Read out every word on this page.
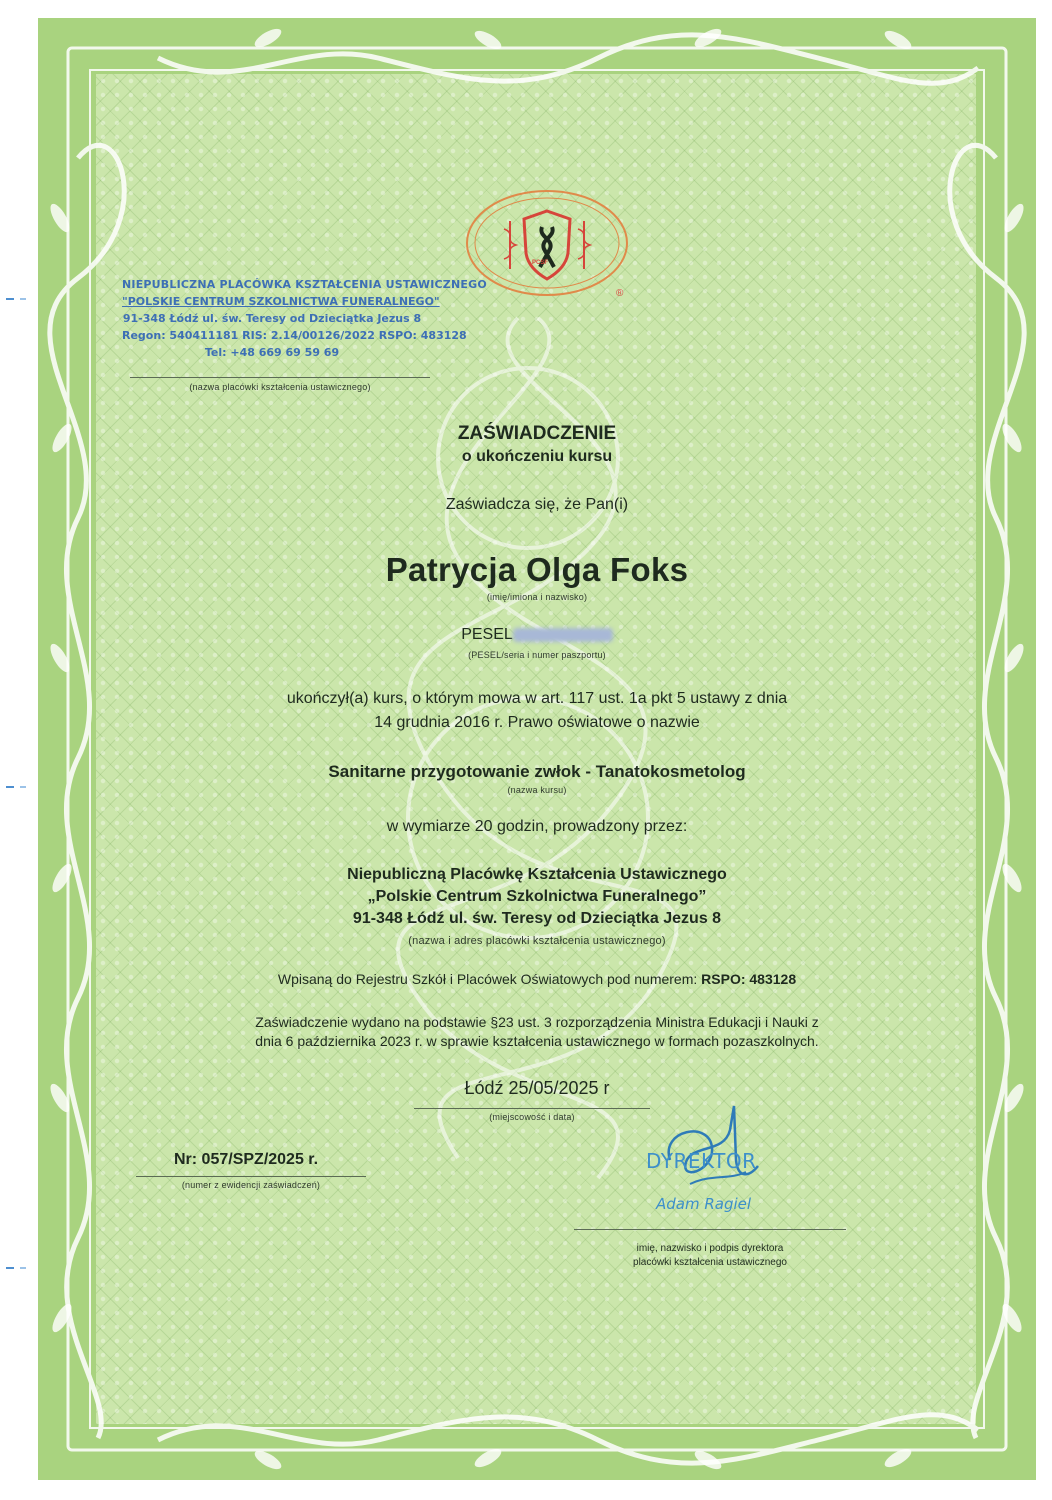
PCSF
®
NIEPUBLICZNA PLACÓWKA KSZTAŁCENIA USTAWICZNEGO
"POLSKIE CENTRUM SZKOLNICTWA FUNERALNEGO"
91-348 Łódź ul. św. Teresy od Dzieciątka Jezus 8
Regon: 540411181 RIS: 2.14/00126/2022 RSPO: 483128
Tel: +48 669 69 59 69
(nazwa placówki kształcenia ustawicznego)
ZAŚWIADCZENIE
o ukończeniu kursu
Zaświadcza się, że Pan(i)
Patrycja Olga Foks
(imię/imiona i nazwisko)
PESEL
(PESEL/seria i numer paszportu)
ukończył(a) kurs, o którym mowa w art. 117 ust. 1a pkt 5 ustawy z dnia
14 grudnia 2016 r. Prawo oświatowe o nazwie
Sanitarne przygotowanie zwłok - Tanatokosmetolog
(nazwa kursu)
w wymiarze 20 godzin, prowadzony przez:
Niepubliczną Placówkę Kształcenia Ustawicznego
„Polskie Centrum Szkolnictwa Funeralnego”
91-348 Łódź ul. św. Teresy od Dzieciątka Jezus 8
(nazwa i adres placówki kształcenia ustawicznego)
Wpisaną do Rejestru Szkół i Placówek Oświatowych pod numerem: RSPO: 483128
Zaświadczenie wydano na podstawie §23 ust. 3 rozporządzenia Ministra Edukacji i Nauki z
dnia 6 października 2023 r. w sprawie kształcenia ustawicznego w formach pozaszkolnych.
Łódź 25/05/2025 r
(miejscowość i data)
Nr: 057/SPZ/2025 r.
(numer z ewidencji zaświadczeń)
DYREKTOR
Adam Ragiel
imię, nazwisko i podpis dyrektora
placówki kształcenia ustawicznego
